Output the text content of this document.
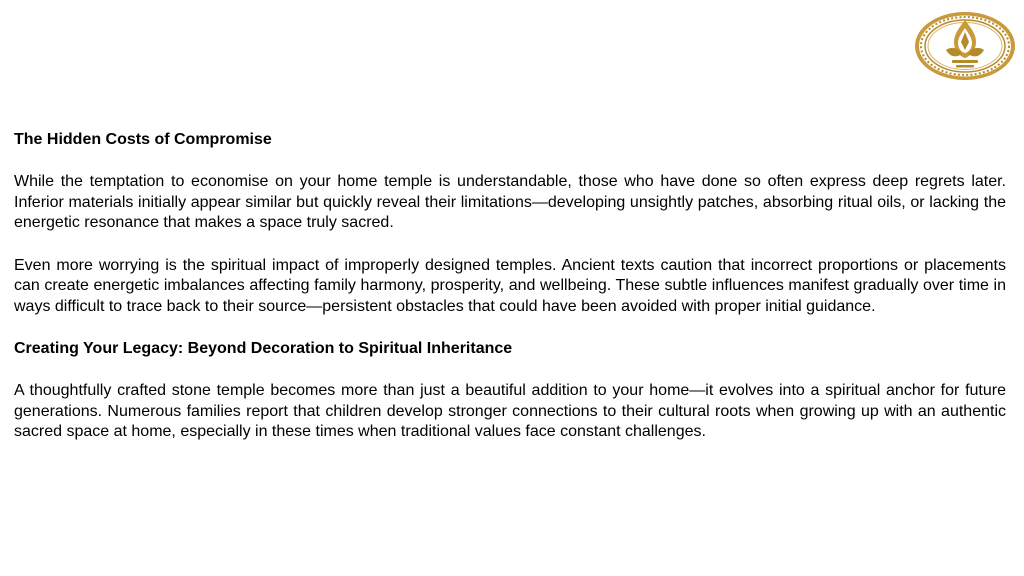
The Hidden Costs of Compromise

While the temptation to economise on your home temple is understandable, those who have done so often express deep regrets later. Inferior materials initially appear similar but quickly reveal their limitations—developing unsightly patches, absorbing ritual oils, or lacking the energetic resonance that makes a space truly sacred.

Even more worrying is the spiritual impact of improperly designed temples. Ancient texts caution that incorrect proportions or placements can create energetic imbalances affecting family harmony, prosperity, and wellbeing. These subtle influences manifest gradually over time in ways difficult to trace back to their source—persistent obstacles that could have been avoided with proper initial guidance.

Creating Your Legacy: Beyond Decoration to Spiritual Inheritance

A thoughtfully crafted stone temple becomes more than just a beautiful addition to your home—it evolves into a spiritual anchor for future generations. Numerous families report that children develop stronger connections to their cultural roots when growing up with an authentic sacred space at home, especially in these times when traditional values face constant challenges.
